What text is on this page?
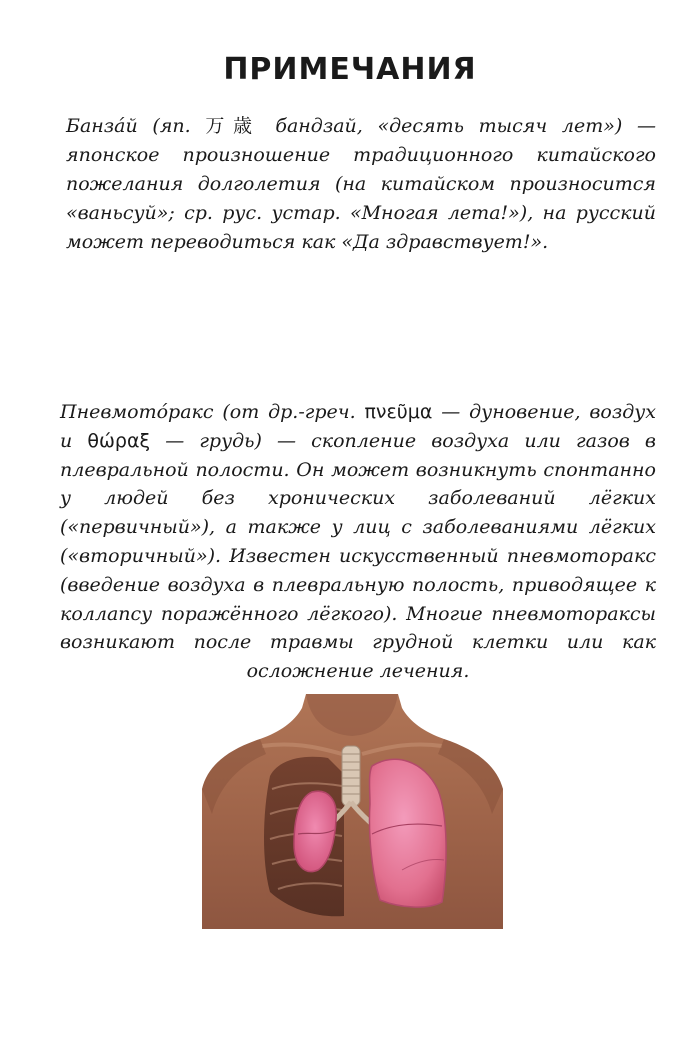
ПРИМЕЧАНИЯ

Банзáй (яп. 万歳 бандзай, «десять тысяч лет») — японское произношение традиционного китайского пожелания долголетия (на китайском произносится «ваньсуй»; ср. рус. устар. «Многая лета!»), на русский может переводиться как «Да здравствует!».

Пневмотóракс (от др.-греч. πνεῦμα — дуновение, воздух и θώραξ — грудь) — скопление воздуха или газов в плевральной полости. Он может возникнуть спонтанно у людей без хронических заболеваний лёгких («первичный»), а также у лиц с заболеваниями лёгких («вторичный»). Известен искусственный пневмоторакс (введение воздуха в плевральную полость, приводящее к коллапсу поражённого лёгкого). Многие пневмотораксы возникают после травмы грудной клетки или как осложнение лечения.
